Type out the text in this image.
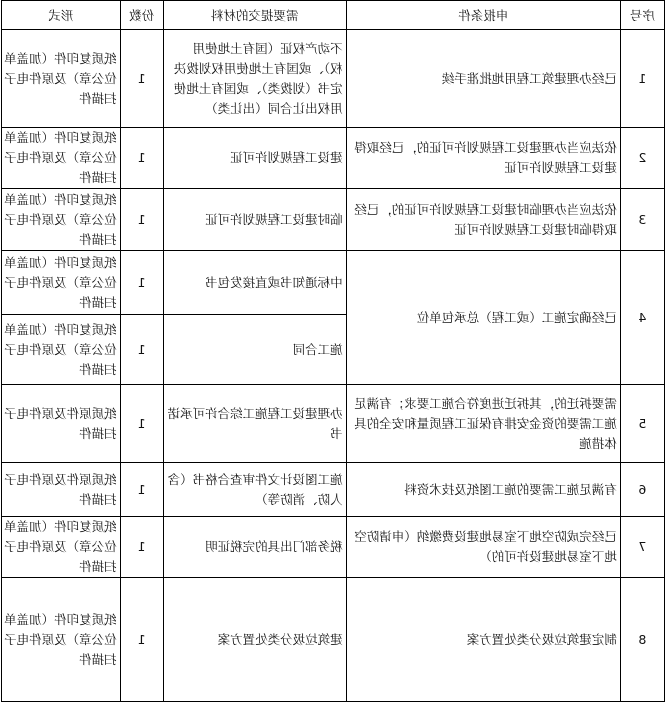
序号	申报条件	需要提交的材料	份数	形式
1	已经办理建筑工程用地批准手续	不动产权证（国有土地使用权）、或国有土地使用权划拨决定书（划拨类）、或国有土地使用权出让合同（出让类）	1	纸质复印件（加盖单位公章）及原件电子扫描件
2	依法应当办理建设工程规划许可证的，已经取得建设工程规划许可证	建设工程规划许可证	1	纸质复印件（加盖单位公章）及原件电子扫描件
3	依法应当办理临时建设工程规划许可证的，已经取得临时建设工程规划许可证	临时建设工程规划许可证	1	纸质复印件（加盖单位公章）及原件电子扫描件
4	已经确定施工（或工程）总承包单位	中标通知书或直接发包书	1	纸质复印件（加盖单位公章）及原件电子扫描件
		施工合同	1	纸质复印件（加盖单位公章）及原件电子扫描件
5	需要拆迁的，其拆迁进度符合施工要求；有满足施工需要的资金安排有保证工程质量和安全的具体措施	办理建设工程施工综合许可承诺书	1	纸质原件及原件电子扫描件
6	有满足施工需要的施工图纸及技术资料	施工图设计文件审查合格书（含人防、消防等）	1	纸质原件及原件电子扫描件
7	已经完成防空地下室易地建设费缴纳（申请防空地下室易地建设许可的）	税务部门出具的完税证明	1	纸质复印件（加盖单位公章）及原件电子扫描件
8	制定建筑垃圾分类处置方案	建筑垃圾分类处置方案	1	纸质复印件（加盖单位公章）及原件电子扫描件
